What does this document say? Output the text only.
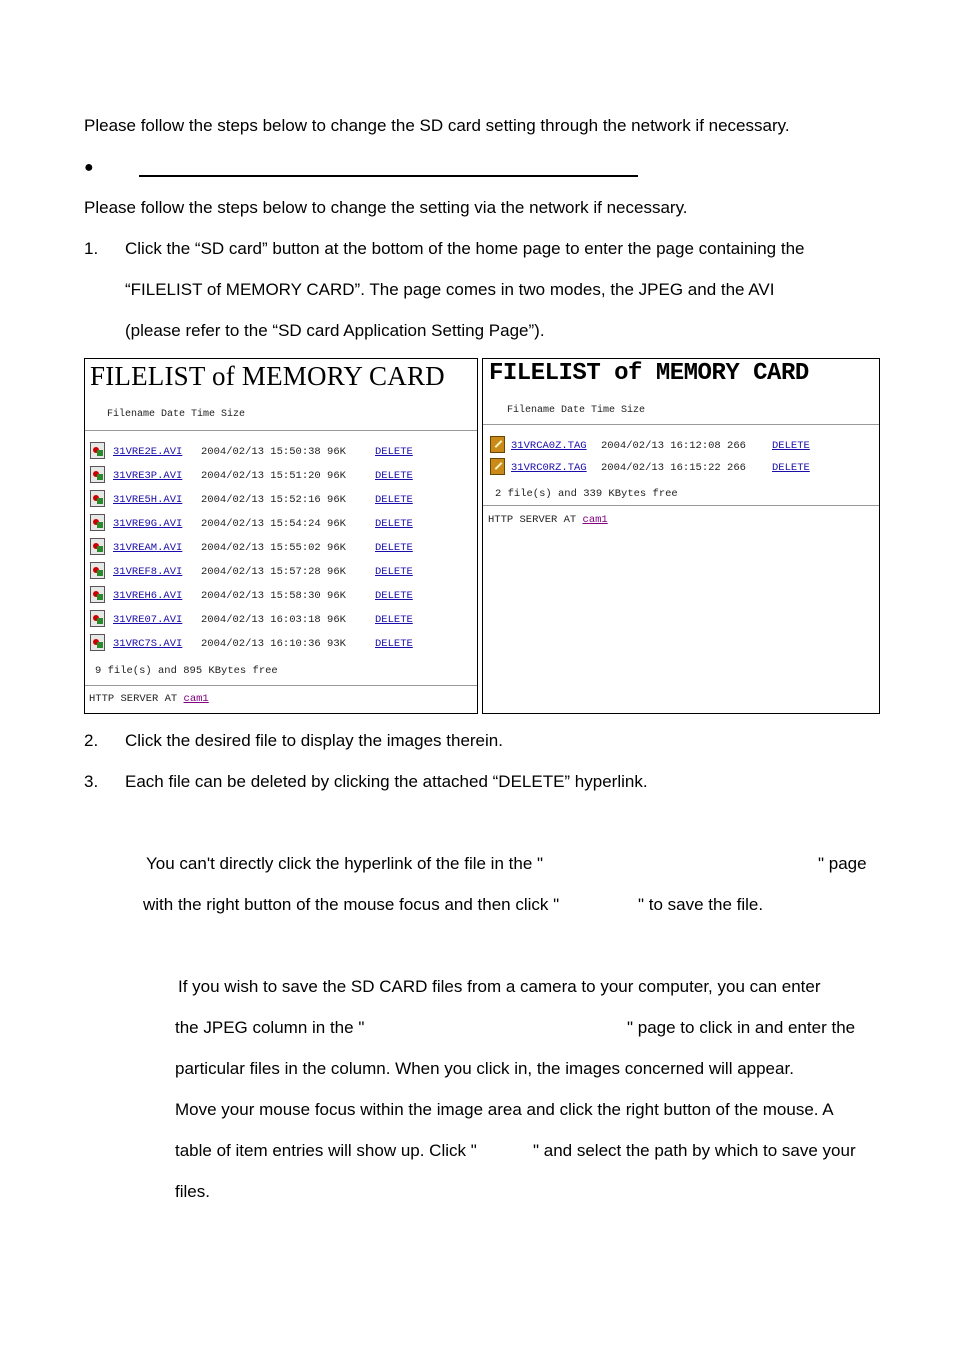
Please follow the steps below to change the SD card setting through the network if necessary.
●
Please follow the steps below to change the setting via the network if necessary.
1. Click the “SD card” button at the bottom of the home page to enter the page containing the
“FILELIST of MEMORY CARD”. The page comes in two modes, the JPEG and the AVI
(please refer to the “SD card Application Setting Page”).
FILELIST of MEMORY CARD
Filename Date Time Size
31VRE2E.AVI 2004/02/13 15:50:38 96K	DELETE
31VRE3P.AVI 2004/02/13 15:51:20 96K	DELETE
31VRE5H.AVI 2004/02/13 15:52:16 96K	DELETE
31VRE9G.AVI 2004/02/13 15:54:24 96K	DELETE
31VREAM.AVI 2004/02/13 15:55:02 96K	DELETE
31VREF8.AVI 2004/02/13 15:57:28 96K	DELETE
31VREH6.AVI 2004/02/13 15:58:30 96K	DELETE
31VRE07.AVI 2004/02/13 16:03:18 96K	DELETE
31VRC7S.AVI 2004/02/13 16:10:36 93K	DELETE
9 file(s) and 895 KBytes free
HTTP SERVER AT cam1
FILELIST of MEMORY CARD
Filename Date Time Size
31VRCA0Z.TAG 2004/02/13 16:12:08 266 DELETE
31VRC0RZ.TAG 2004/02/13 16:15:22 266 DELETE
2 file(s) and 339 KBytes free
HTTP SERVER AT cam1
2. Click the desired file to display the images therein.
3. Each file can be deleted by clicking the attached “DELETE” hyperlink.
You can't directly click the hyperlink of the file in the "	" page
with the right button of the mouse focus and then click "	" to save the file.
If you wish to save the SD CARD files from a camera to your computer, you can enter
the JPEG column in the "	" page to click in and enter the
particular files in the column. When you click in, the images concerned will appear.
Move your mouse focus within the image area and click the right button of the mouse. A
table of item entries will show up. Click "	" and select the path by which to save your
files.
